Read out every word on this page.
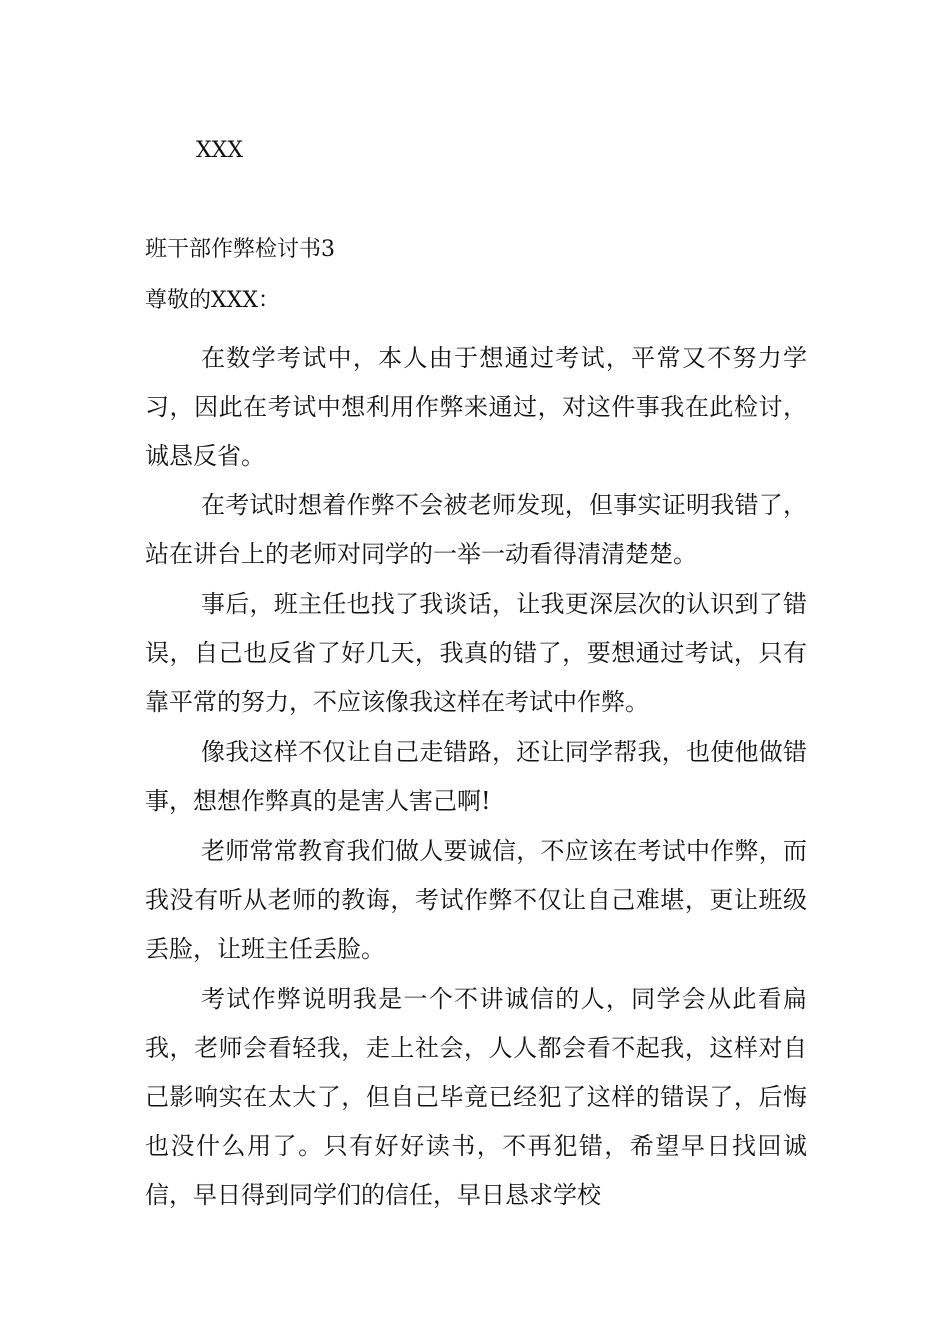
XXX
班干部作弊检讨书3
尊敬的XXX：

在数学考试中，本人由于想通过考试，平常又不努力学习，因此在考试中想利用作弊来通过，对这件事我在此检讨，诚恳反省。

在考试时想着作弊不会被老师发现，但事实证明我错了，站在讲台上的老师对同学的一举一动看得清清楚楚。

事后，班主任也找了我谈话，让我更深层次的认识到了错误，自己也反省了好几天，我真的错了，要想通过考试，只有靠平常的努力，不应该像我这样在考试中作弊。

像我这样不仅让自己走错路，还让同学帮我，也使他做错事，想想作弊真的是害人害己啊!

老师常常教育我们做人要诚信，不应该在考试中作弊，而我没有听从老师的教诲，考试作弊不仅让自己难堪，更让班级丢脸，让班主任丢脸。

考试作弊说明我是一个不讲诚信的人，同学会从此看扁我，老师会看轻我，走上社会，人人都会看不起我，这样对自己影响实在太大了，但自己毕竟已经犯了这样的错误了，后悔也没什么用了。只有好好读书，不再犯错，希望早日找回诚信，早日得到同学们的信任，早日恳求学校
